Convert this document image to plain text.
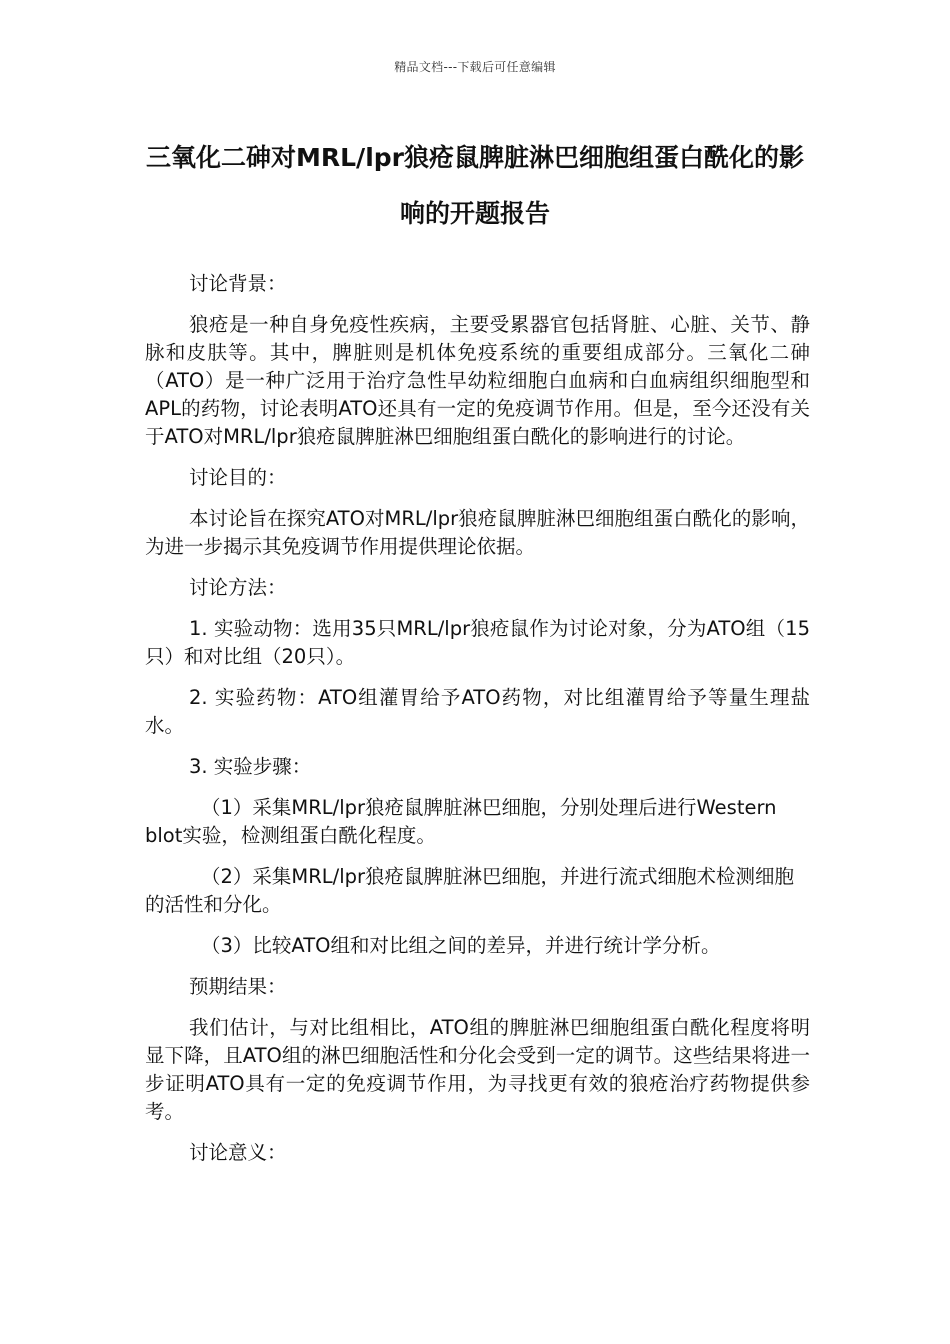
精品文档---下载后可任意编辑
三氧化二砷对MRL/lpr狼疮鼠脾脏淋巴细胞组蛋白酰化的影响的开题报告

讨论背景：

狼疮是一种自身免疫性疾病，主要受累器官包括肾脏、心脏、关节、静脉和皮肤等。其中，脾脏则是机体免疫系统的重要组成部分。三氧化二砷（ATO）是一种广泛用于治疗急性早幼粒细胞白血病和白血病组织细胞型和APL的药物，讨论表明ATO还具有一定的免疫调节作用。但是，至今还没有关于ATO对MRL/lpr狼疮鼠脾脏淋巴细胞组蛋白酰化的影响进行的讨论。

讨论目的：

本讨论旨在探究ATO对MRL/lpr狼疮鼠脾脏淋巴细胞组蛋白酰化的影响，为进一步揭示其免疫调节作用提供理论依据。

讨论方法：

1. 实验动物：选用35只MRL/lpr狼疮鼠作为讨论对象，分为ATO组（15只）和对比组（20只）。

2. 实验药物：ATO组灌胃给予ATO药物，对比组灌胃给予等量生理盐水。

3. 实验步骤：

（1）采集MRL/lpr狼疮鼠脾脏淋巴细胞，分别处理后进行Western blot实验，检测组蛋白酰化程度。

（2）采集MRL/lpr狼疮鼠脾脏淋巴细胞，并进行流式细胞术检测细胞的活性和分化。

（3）比较ATO组和对比组之间的差异，并进行统计学分析。

预期结果：

我们估计，与对比组相比，ATO组的脾脏淋巴细胞组蛋白酰化程度将明显下降，且ATO组的淋巴细胞活性和分化会受到一定的调节。这些结果将进一步证明ATO具有一定的免疫调节作用，为寻找更有效的狼疮治疗药物提供参考。

讨论意义：
